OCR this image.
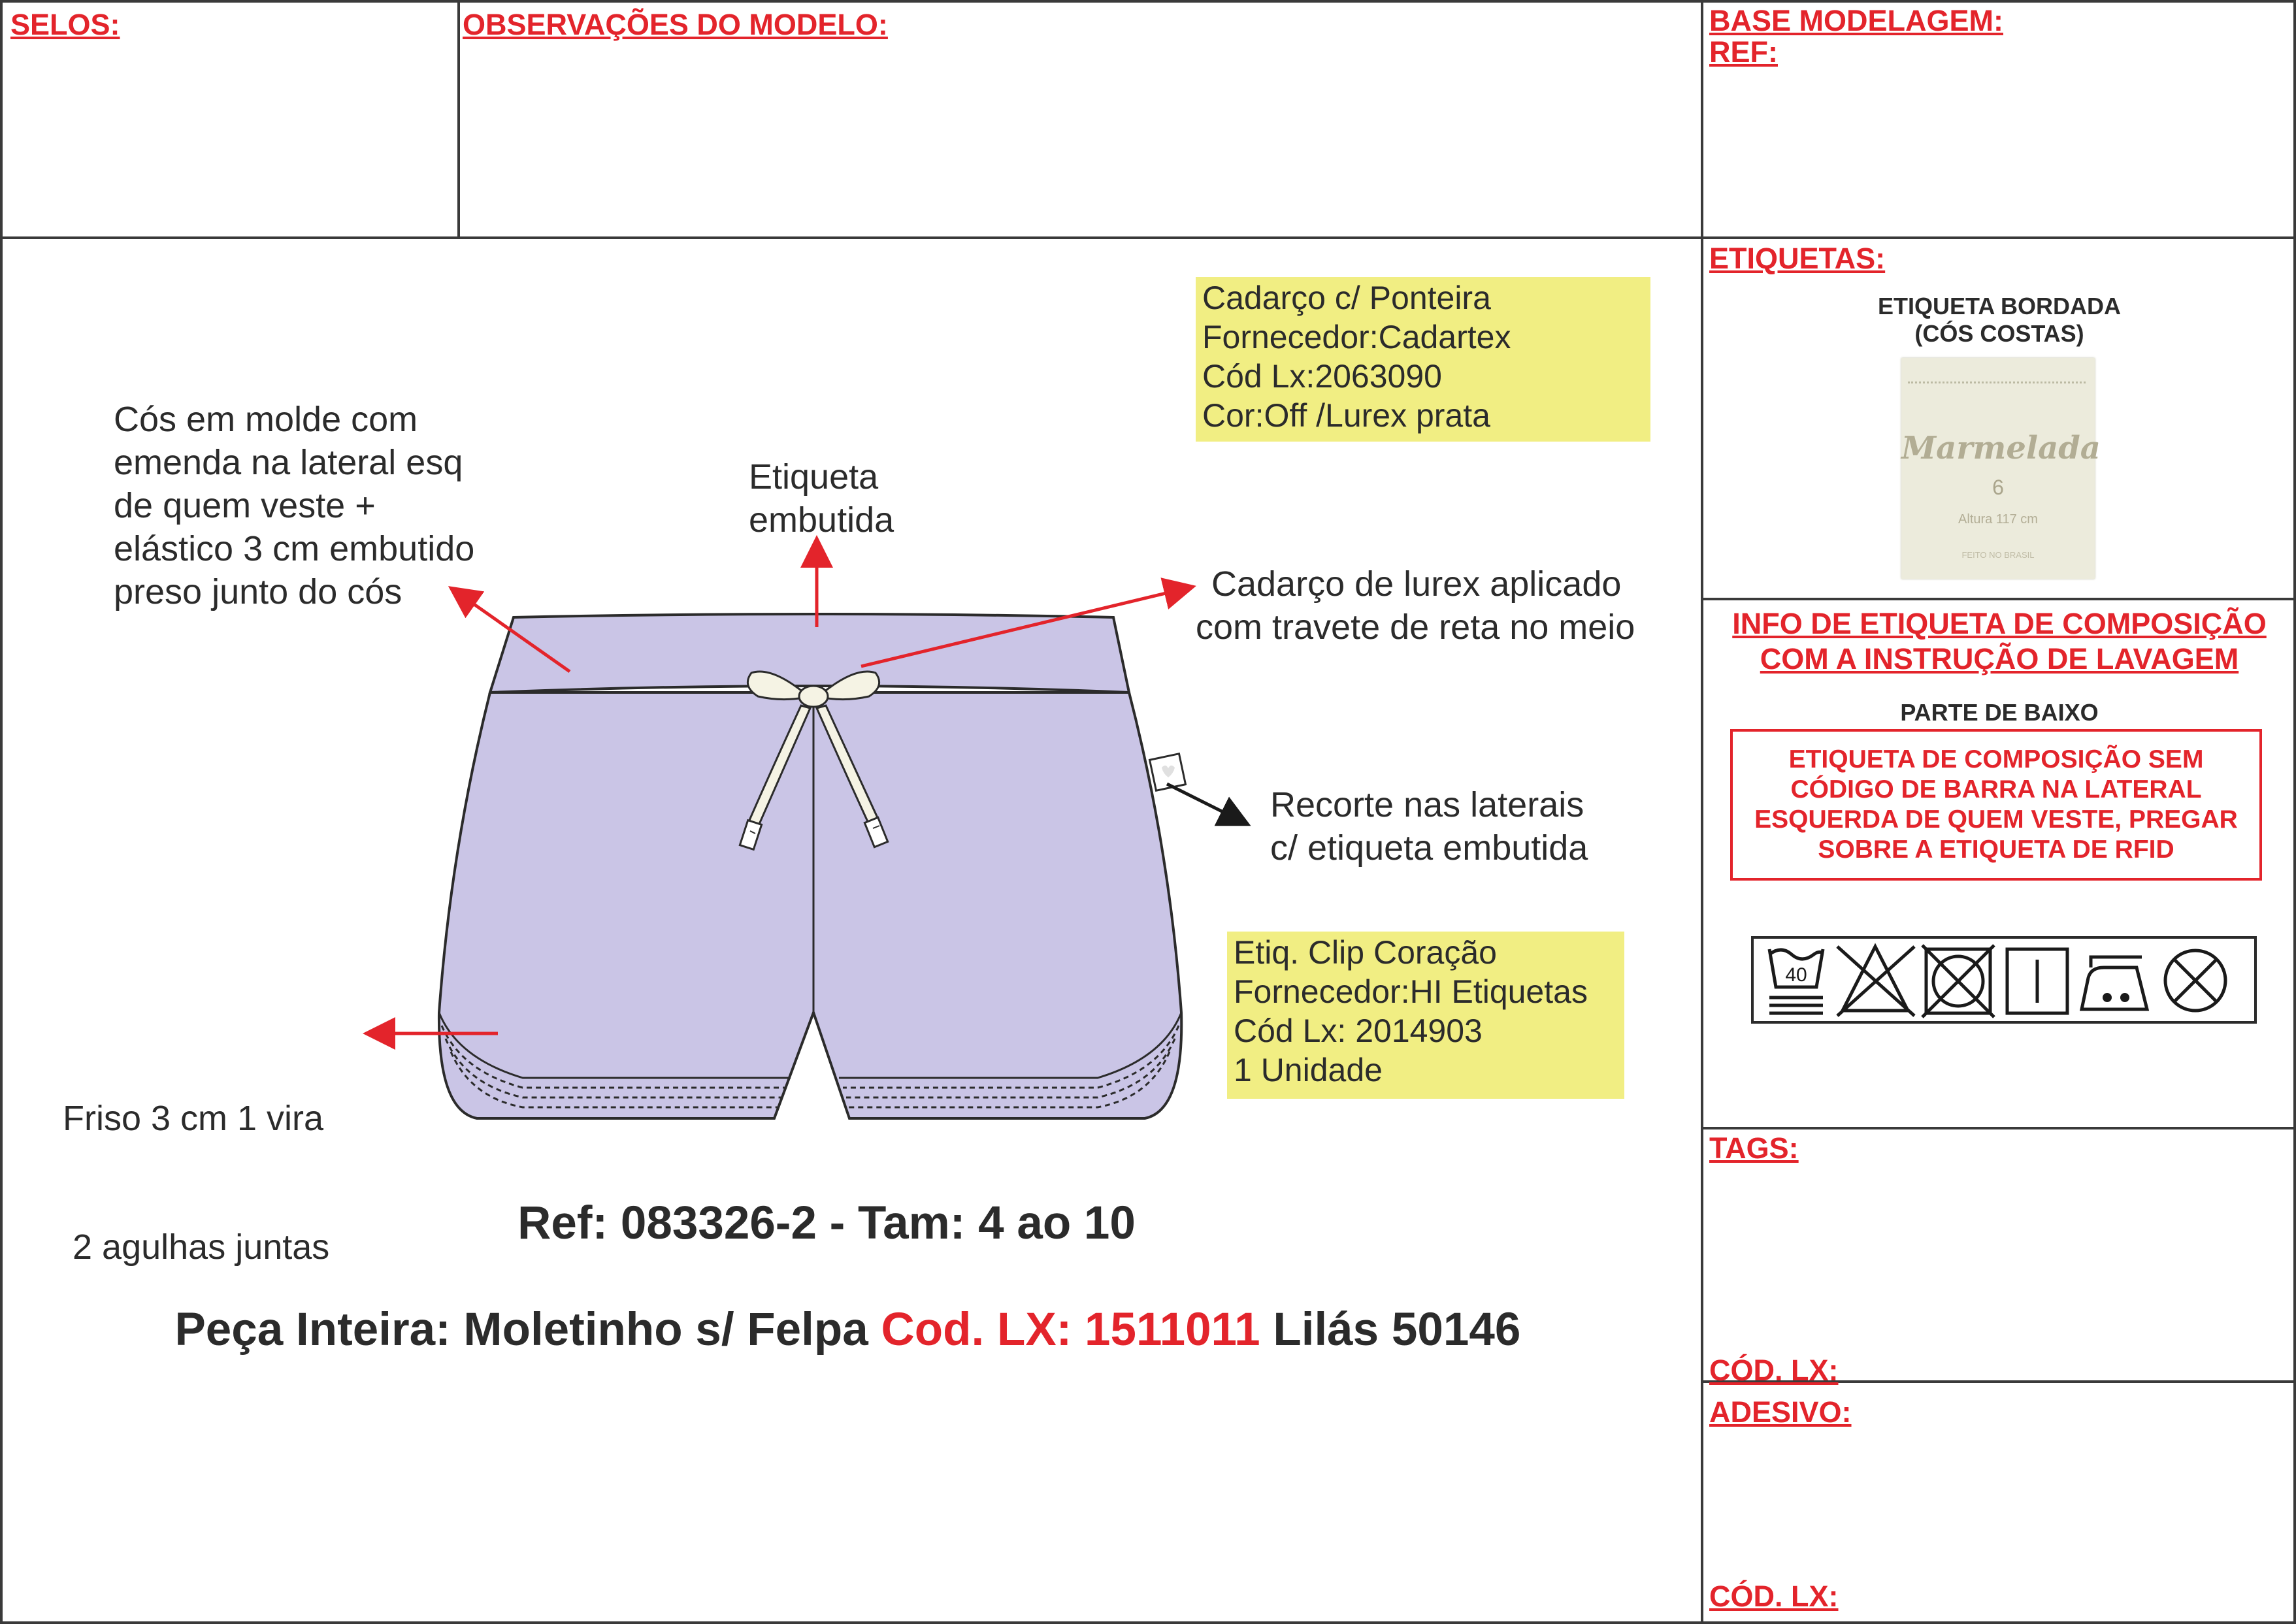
SELOS:	OBSERVAÇÕES DO MODELO:	BASE MODELAGEM:
REF:
ETIQUETAS:
ETIQUETA BORDADA
(CÓS COSTAS)
Marmelada
6
Altura 117 cm
FEITO NO BRASIL
INFO DE ETIQUETA DE COMPOSIÇÃO
COM A INSTRUÇÃO DE LAVAGEM
PARTE DE BAIXO
ETIQUETA DE COMPOSIÇÃO SEM
CÓDIGO DE BARRA NA LATERAL
ESQUERDA DE QUEM VESTE, PREGAR
SOBRE A ETIQUETA DE RFID
40
TAGS:
CÓD. LX:
ADESIVO:
CÓD. LX:
Cós em molde com
emenda na lateral esq
de quem veste +
elástico 3 cm embutido
preso junto do cós
Etiqueta
embutida
Cadarço c/ Ponteira
Fornecedor:Cadartex
Cód Lx:2063090
Cor:Off /Lurex prata
Cadarço de lurex aplicado
com travete de reta no meio
Recorte nas laterais
c/ etiqueta embutida
Etiq. Clip Coração
Fornecedor:HI Etiquetas
Cód Lx: 2014903
1 Unidade

Friso 3 cm 1 vira

2 agulhas juntas	Ref: 083326-2 - Tam: 4 ao 10

Peça Inteira: Moletinho s/ Felpa Cod. LX: 1511011 Lilás 50146
